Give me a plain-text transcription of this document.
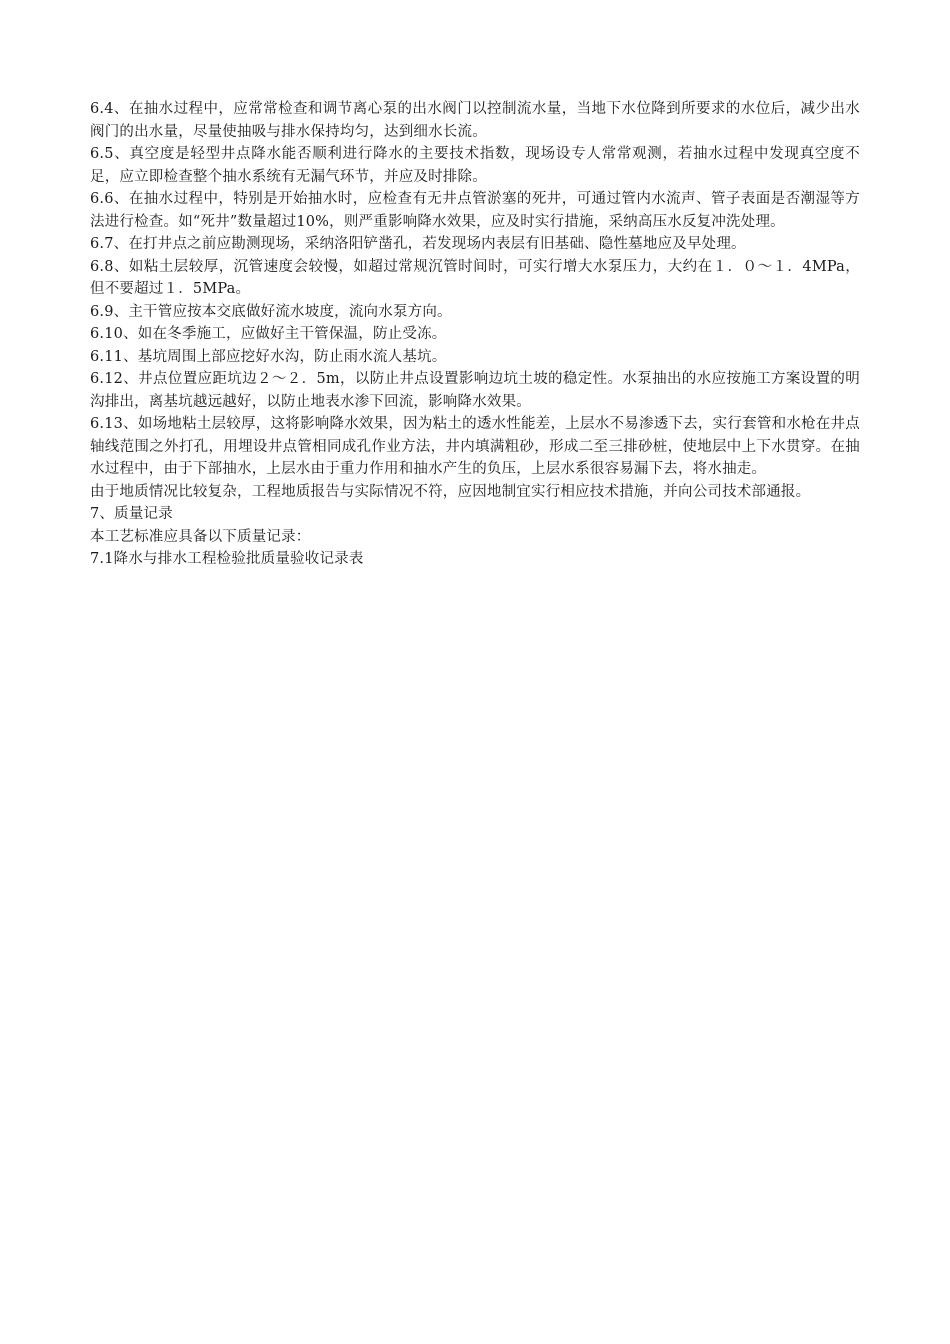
6.4、在抽水过程中，应常常检查和调节离心泵的出水阀门以控制流水量，当地下水位降到所要求的水位后，减少出水阀门的出水量，尽量使抽吸与排水保持均匀，达到细水长流。

6.5、真空度是轻型井点降水能否顺利进行降水的主要技术指数，现场设专人常常观测，若抽水过程中发现真空度不足，应立即检查整个抽水系统有无漏气环节，并应及时排除。

6.6、在抽水过程中，特别是开始抽水时，应检查有无井点管淤塞的死井，可通过管内水流声、管子表面是否潮湿等方法进行检查。如“死井”数量超过10%，则严重影响降水效果，应及时实行措施，采纳高压水反复冲洗处理。

6.7、在打井点之前应勘测现场，采纳洛阳铲凿孔，若发现场内表层有旧基础、隐性墓地应及早处理。

6.8、如粘土层较厚，沉管速度会较慢，如超过常规沉管时间时，可实行增大水泵压力，大约在１．０～１．4MPa，但不要超过１．5MPa。

6.9、主干管应按本交底做好流水坡度，流向水泵方向。

6.10、如在冬季施工，应做好主干管保温，防止受冻。

6.11、基坑周围上部应挖好水沟，防止雨水流人基坑。

6.12、井点位置应距坑边２～２．5m，以防止井点设置影响边坑土坡的稳定性。水泵抽出的水应按施工方案设置的明沟排出，离基坑越远越好，以防止地表水渗下回流，影响降水效果。

6.13、如场地粘土层较厚，这将影响降水效果，因为粘土的透水性能差，上层水不易渗透下去，实行套管和水枪在井点轴线范围之外打孔，用埋设井点管相同成孔作业方法，井内填满粗砂，形成二至三排砂桩，使地层中上下水贯穿。在抽水过程中，由于下部抽水，上层水由于重力作用和抽水产生的负压，上层水系很容易漏下去，将水抽走。

由于地质情况比较复杂，工程地质报告与实际情况不符，应因地制宜实行相应技术措施，并向公司技术部通报。

7、质量记录

本工艺标准应具备以下质量记录：

7.1降水与排水工程检验批质量验收记录表
